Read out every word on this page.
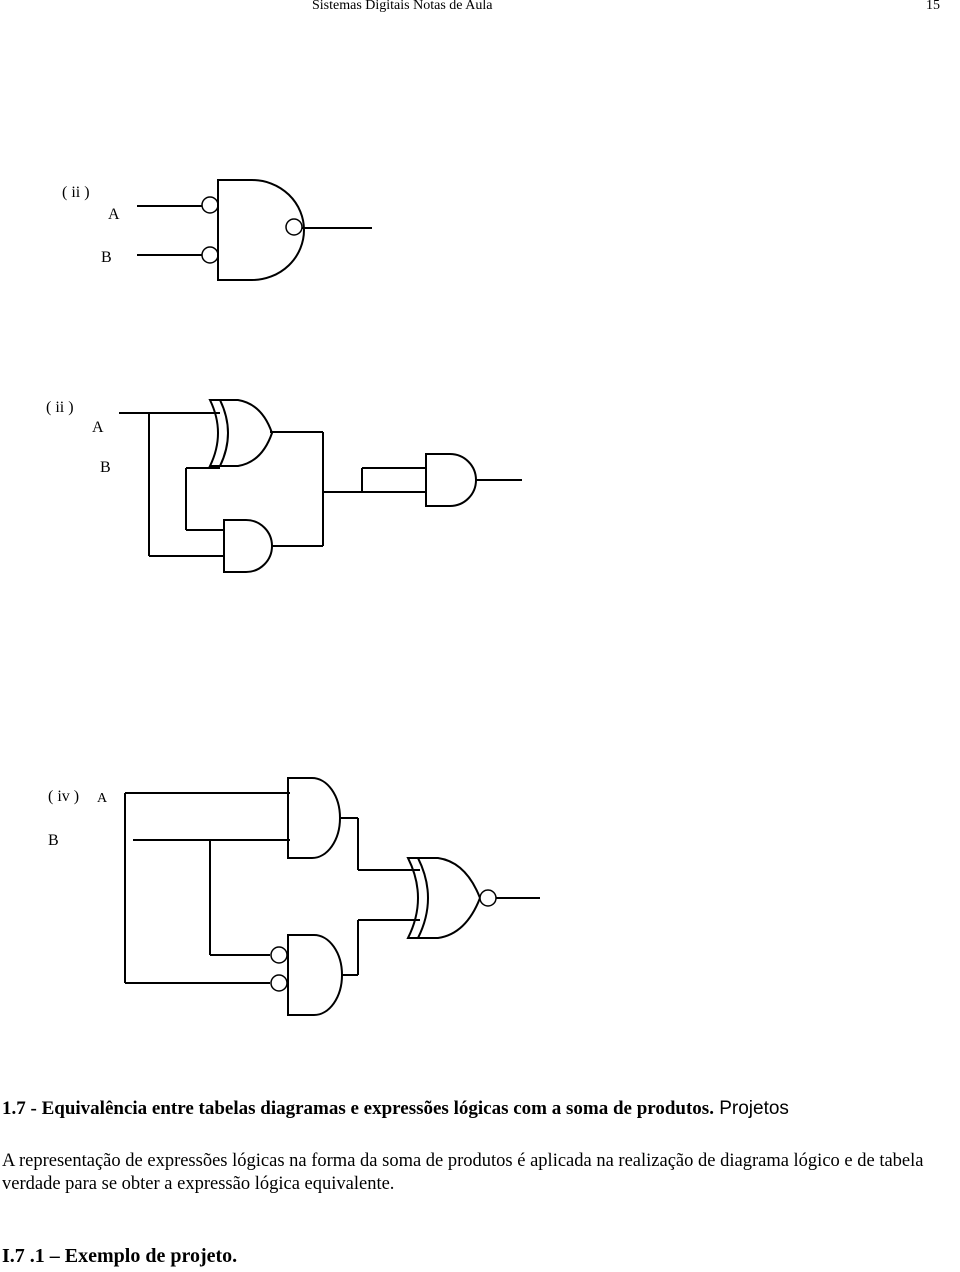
Sistemas Digitais Notas de Aula	15
( ii )
A
B
( ii )
A
B
( iv ) A
B
1.7 - Equivalência entre tabelas diagramas e expressões lógicas com a soma de produtos. Projetos
A representação de expressões lógicas na forma da soma de produtos é aplicada na realização de diagrama lógico e de tabela verdade para se obter a expressão lógica equivalente.
I.7 .1 – Exemplo de projeto.
